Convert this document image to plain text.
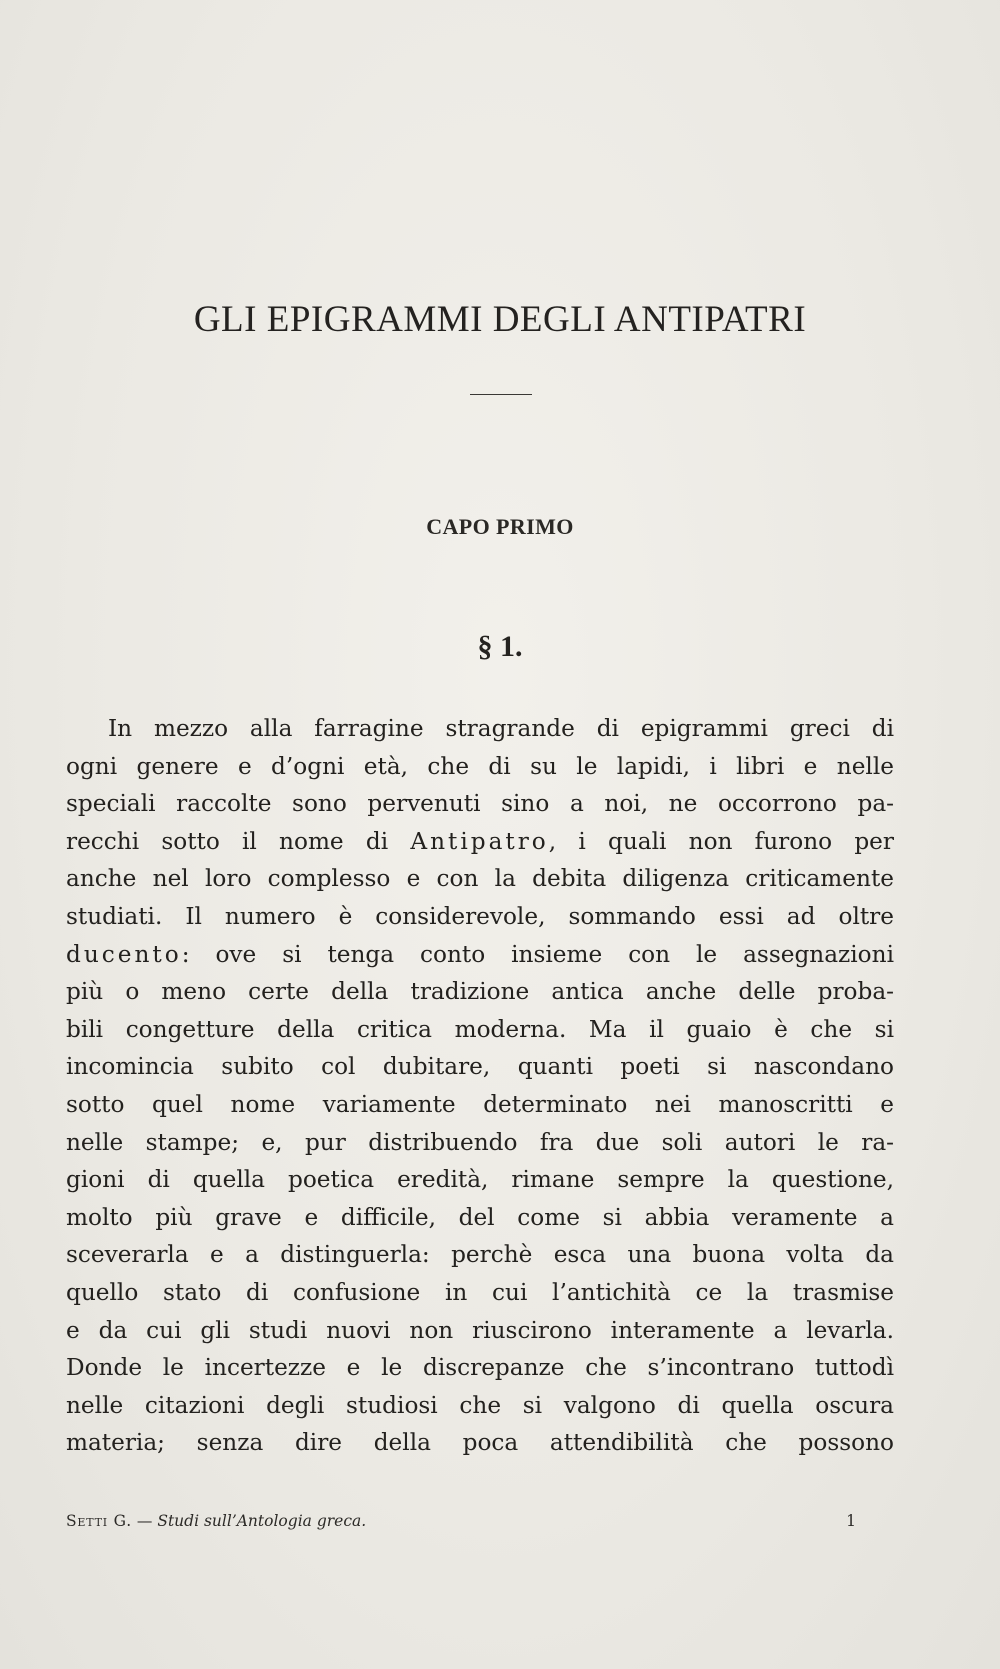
GLI EPIGRAMMI DEGLI ANTIPATRI
CAPO PRIMO
§ 1.
In mezzo alla farragine stragrande di epigrammi greci di
ogni genere e d’ogni età, che di su le lapidi, i libri e nelle
speciali raccolte sono pervenuti sino a noi, ne occorrono pa-
recchi sotto il nome di Antipatro, i quali non furono per
anche nel loro complesso e con la debita diligenza criticamente
studiati. Il numero è considerevole, sommando essi ad oltre
ducento: ove si tenga conto insieme con le assegnazioni
più o meno certe della tradizione antica anche delle proba-
bili congetture della critica moderna. Ma il guaio è che si
incomincia subito col dubitare, quanti poeti si nascondano
sotto quel nome variamente determinato nei manoscritti e
nelle stampe; e, pur distribuendo fra due soli autori le ra-
gioni di quella poetica eredità, rimane sempre la questione,
molto più grave e difficile, del come si abbia veramente a
sceverarla e a distinguerla: perchè esca una buona volta da
quello stato di confusione in cui l’antichità ce la trasmise
e da cui gli studi nuovi non riuscirono interamente a levarla.
Donde le incertezze e le discrepanze che s’incontrano tuttodì
nelle citazioni degli studiosi che si valgono di quella oscura
materia; senza dire della poca attendibilità che possono
Setti G. — Studi sull’Antologia greca.	1
